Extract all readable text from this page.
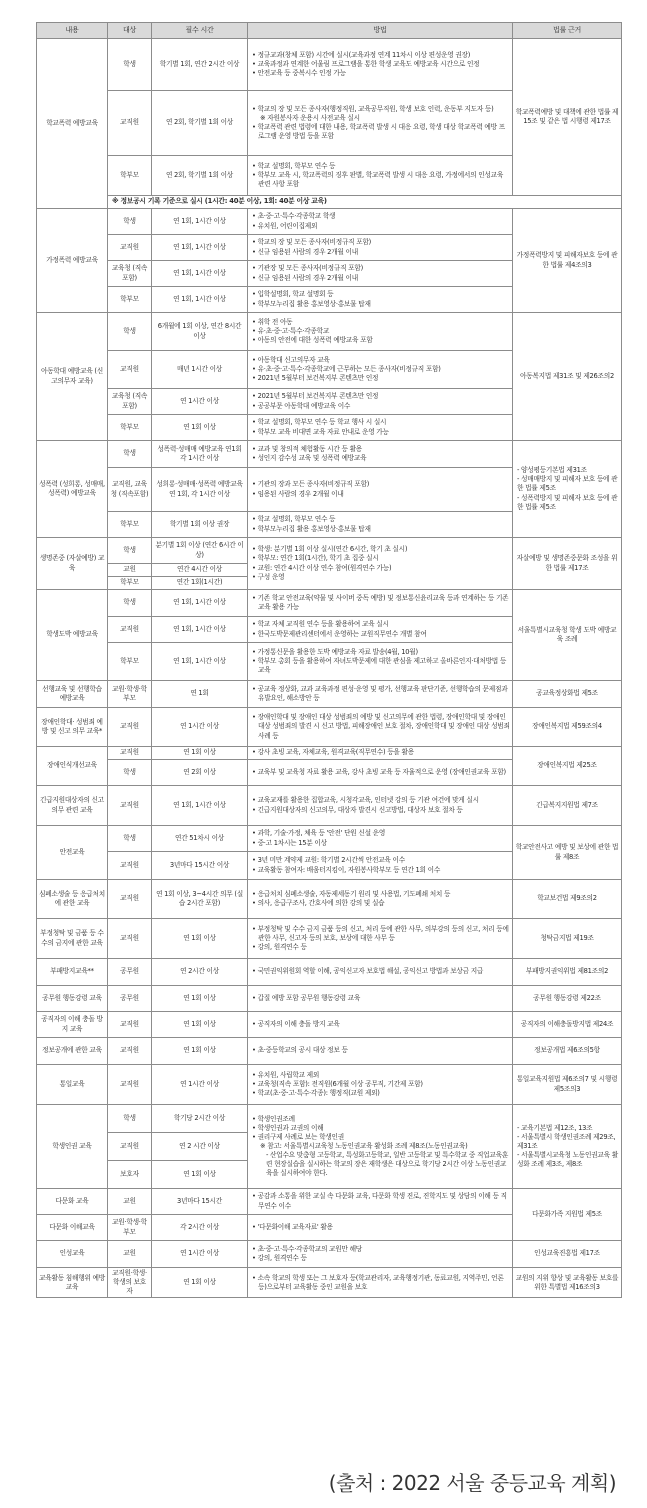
내용	대상	필수 시간	방법	법률 근거
학교폭력 예방교육	학생	학기별 1회, 연간 2시간 이상	• 정규교과(창체 포함) 시간에 실시(교육과정 연계 11차시 이상 편성운영 권장)
• 교육과정과 연계한 어울림 프로그램을 통한 학생 교육도 예방교육 시간으로 인정
• 안전교육 등 중복시수 인정 가능	학교폭력예방 및 대책에 관한 법률 제15조 및 같은 법 시행령 제17조
	교직원	연 2회, 학기별 1회 이상	• 학교의 장 및 모든 종사자(행정직원, 교육공무직원, 학생 보호 인력, 운동부 지도자 등)
※ 자원봉사자 운용시 사전교육 실시
• 학교폭력 관련 법령에 대한 내용, 학교폭력 발생 시 대응 요령, 학생 대상 학교폭력 예방 프로그램 운영 방법 등을 포함

	학부모	연 2회, 학기별 1회 이상	• 학교 설명회, 학부모 연수 등
• 학부모 교육 시, 학교폭력의 징후 판별, 학교폭력 발생 시 대응 요령, 가정에서의 인성교육 관련 사항 포함

	※ 정보공시 기록 기준으로 실시 (1시간: 40분 이상, 1회: 40분 이상 교육)			
가정폭력 예방교육	학생	연 1회, 1시간 이상	• 초·중·고·특수·각종학교 학생
• 유치원, 어린이집제외	가정폭력방지 및 피해자보호 등에 관한 법률 제4조의3
	교직원	연 1회, 1시간 이상	• 학교의 장 및 모든 종사자(비정규직 포함)
• 신규 임용된 사람의 경우 2개월 이내

	교육청 (직속포함)	연 1회, 1시간 이상	• 기관장 및 모든 종사자(비정규직 포함)
• 신규 임용된 사람의 경우 2개월 이내

	학부모	연 1회, 1시간 이상	• 입학설명회, 학교 설명회 등
• 학부모누리집 활용 홍보영상·홍보물 탑재

아동학대 예방교육 (신고의무자 교육)	학생	6개월에 1회 이상, 연간 8시간 이상	• 취학 전 아동
• 유·초·중·고·특수·각종학교
• 아동의 안전에 대한 성폭력 예방교육 포함	아동복지법 제31조 및 제26조의2
	교직원	매년 1시간 이상	• 아동학대 신고의무자 교육
• 유·초·중·고·특수·각종학교에 근무하는 모든 종사자(비정규직 포함)
• 2021년 5월부터 보건복지부 콘텐츠만 인정

	교육청 (직속포함)	연 1시간 이상	• 2021년 5월부터 보건복지부 콘텐츠만 인정
• 공공부문 아동학대 예방교육 이수

	학부모	연 1회 이상	• 학교 설명회, 학부모 연수 등 학교 행사 시 실시
• 학부모 교육 비대면 교육 자료 안내로 운영 가능

성폭력 (성희롱, 성매매, 성폭력) 예방교육	학생	성폭력·성매매 예방교육 연1회 각 1시간 이상	• 교과 및 창의적 체험활동 시간 등 활용
• 성인지 감수성 교육 및 성폭력 예방교육	- 양성평등기본법 제31조
- 성매매방지 및 피해자 보호 등에 관한 법률 제5조
- 성폭력방지 및 피해자 보호 등에 관한 법률 제5조

	교직원, 교육청 (직속포함)	성희롱·성매매·성폭력 예방교육 연 1회, 각 1시간 이상	• 기관의 장과 모든 종사자(비정규직 포함)
• 임용된 사람의 경우 2개월 이내

	학부모	학기별 1회 이상 권장	• 학교 설명회, 학부모 연수 등
• 학부모누리집 활용 홍보영상·홍보물 탑재

생명존중 (자살예방) 교육	학생	분기별 1회 이상 (연간 6시간 이상)	• 학생: 분기별 1회 이상 실시(연간 6시간, 학기 초 실시)
• 학부모: 연간 1회(1시간), 학기 초 집중 실시
• 교원: 연간 4시간 이상 연수 참여(원격연수 가능)
• 구성 운영	자살예방 및 생명존중문화 조성을 위한 법률 제17조
	교원	연간 4시간 이상		
	학부모	연간 1회(1시간)		
학생도박 예방교육	학생	연 1회, 1시간 이상	• 기존 학교 안전교육(약물 및 사이버 중독 예방) 및 정보통신윤리교육 등과 연계하는 등 기존 교육 활용 가능	서울특별시교육청 학생 도박 예방교육 조례
	교직원	연 1회, 1시간 이상	• 학교 자체 교직원 연수 등을 활용하여 교육 실시
• 한국도박문제관리센터에서 운영하는 교원직무연수 개별 참여

	학부모	연 1회, 1시간 이상	• 가정통신문을 활용한 도박 예방교육 자료 발송(4월, 10월)
• 학부모 총회 등을 활용하여 자녀도박문제에 대한 관심을 제고하고 올바른인지·대처방법 등 교육

선행교육 및 선행학습 예방교육	교원·학생·학부모	연 1회	• 공교육 정상화, 교과 교육과정 편성·운영 및 평가, 선행교육 판단기준, 선행학습의 문제점과 유발요인, 해소방안 등	공교육정상화법 제5조
장애인학대· 성범죄 예방 및 신고 의무 교육*	교직원	연 1시간 이상	• 장애인학대 및 장애인 대상 성범죄의 예방 및 신고의무에 관한 법령, 장애인학대 및 장애인 대상 성범죄의 발견 시 신고 방법, 피해장애인 보호 절차, 장애인학대 및 장애인 대상 성범죄 사례 등	장애인복지법 제59조의4
장애인식개선교육	교직원	연 1회 이상	• 강사 초빙 교육, 자체교육, 원격교육(직무연수) 등을 활용	장애인복지법 제25조
	학생	연 2회 이상	• 교육부 및 교육청 자료 활용 교육, 강사 초빙 교육 등 자율적으로 운영 (장애인권교육 포함)

긴급지원대상자의 신고 의무 관련 교육	교직원	연 1회, 1시간 이상	• 교육교재를 활용한 집합교육, 시청각교육, 인터넷 강의 등 기관 여건에 맞게 실시
• 긴급지원대상자의 신고의무, 대상자 발견시 신고방법, 대상자 보호 절차 등	긴급복지지원법 제7조
안전교육	학생	연간 51차시 이상	• 과학, 기술·가정, 체육 등 '안전' 단원 신설 운영
• 중·고 1차시는 15분 이상	학교안전사고 예방 및 보상에 관한 법률 제8조
	교직원	3년마다 15시간 이상	• 3년 미만 계약제 교원: 학기별 2시간씩 안전교육 이수
• 교육활동 참여자: 배움터지킴이, 자원봉사학부모 등 연간 1회 이수

심폐소생술 등 응급처치에 관한 교육	교직원	연 1회 이상, 3~4시간 의무 (실습 2시간 포함)	• 응급처치 심폐소생술, 자동제세동기 원리 및 사용법, 기도폐쇄 처치 등
• 의사, 응급구조사, 간호사에 의한 강의 및 실습	학교보건법 제9조의2
부정청탁 및 금품 등 수수의 금지에 관한 교육	교직원	연 1회 이상	• 부정청탁 및 수수 금지 금품 등의 신고, 처리 등에 관한 사무, 의부강의 등의 신고, 처리 등에 관한 사무, 신고자 등의 보호, 보상에 대한 사무 등
• 강의, 원격연수 등	청탁금지법 제19조
부패방지교육**	공무원	연 2시간 이상	• 국민권익위원회 역할 이해, 공익신고자 보호법 해설, 공익신고 방법과 보상금 지급	부패방지권익위법 제81조의2
공무원 행동강령 교육	공무원	연 1회 이상	• 갑질 예방 포함 공무원 행동강령 교육	공무원 행동강령 제22조
공직자의 이해 충돌 방지 교육	교직원	연 1회 이상	• 공직자의 이해 충돌 방지 교육	공직자의 이해충돌방지법 제24조
정보공개에 관한 교육	교직원	연 1회 이상	• 초·중등학교의 공시 대상 정보 등	정보공개법 제6조의5항
통일교육	교직원	연 1시간 이상	• 유치원, 사립학교 제외
• 교육청(직속 포함): 전직원(6개월 이상 공무직, 기간제 포함)
• 학교(초·중·고·특수·각종): 행정직(교원 제외)	통일교육지원법 제6조의7 및 시행령 제5조의3
학생인권 교육	학생	학기당 2시간 이상	• 학생인권조례
• 학생인권과 교권의 이해
• 권리구제 사례로 보는 학생인권
※ 참고: 서울특별시교육청 노동인권교육 활성화 조례 제8조(노동인권교육)
- 산업수요 맞춤형 고등학교, 특성화고등학교, 일반 고등학교 및 특수학교 중 직업교육훈련 현장실습을 실시하는 학교의 장은 재학생은 대상으로 학기당 2시간 이상 노동인권교육을 실시하여야 한다.	- 교육기본법 제12조, 13조
- 서울특별시 학생인권조례 제29조, 제31조
- 서울특별시교육청 노동인권교육 활성화 조례 제3조, 제8조

	교직원	연 2 시간 이상		
	보호자	연 1회 이상		
다문화 교육	교원	3년마다 15시간	• 공감과 소통을 위한 교실 속 다문화 교육, 다문화 학생 진로, 진학지도 및 상담의 이해 등 직무연수 이수	다문화가족 지원법 제5조
다문화 이해교육	교원·학생·학부모	각 2시간 이상	• '다문화이해 교육자료' 활용

인성교육	교원	연 1시간 이상	• 초·중·고·특수·각종학교의 교원만 해당
• 강의, 원격연수 등	인성교육진흥법 제17조
교육활동 침해행위 예방교육	교직원·학생·학생의 보호자	연 1회 이상	• 소속 학교의 학생 또는 그 보호자 등(학교관리자, 교육행정기관, 동료교원, 지역주민, 언론 등)으로부터 교육활동 중인 교원을 보호	교원의 지위 향상 및 교육활동 보호를 위한 특별법 제16조의3
(출처 : 2022 서울 중등교육 계획)
